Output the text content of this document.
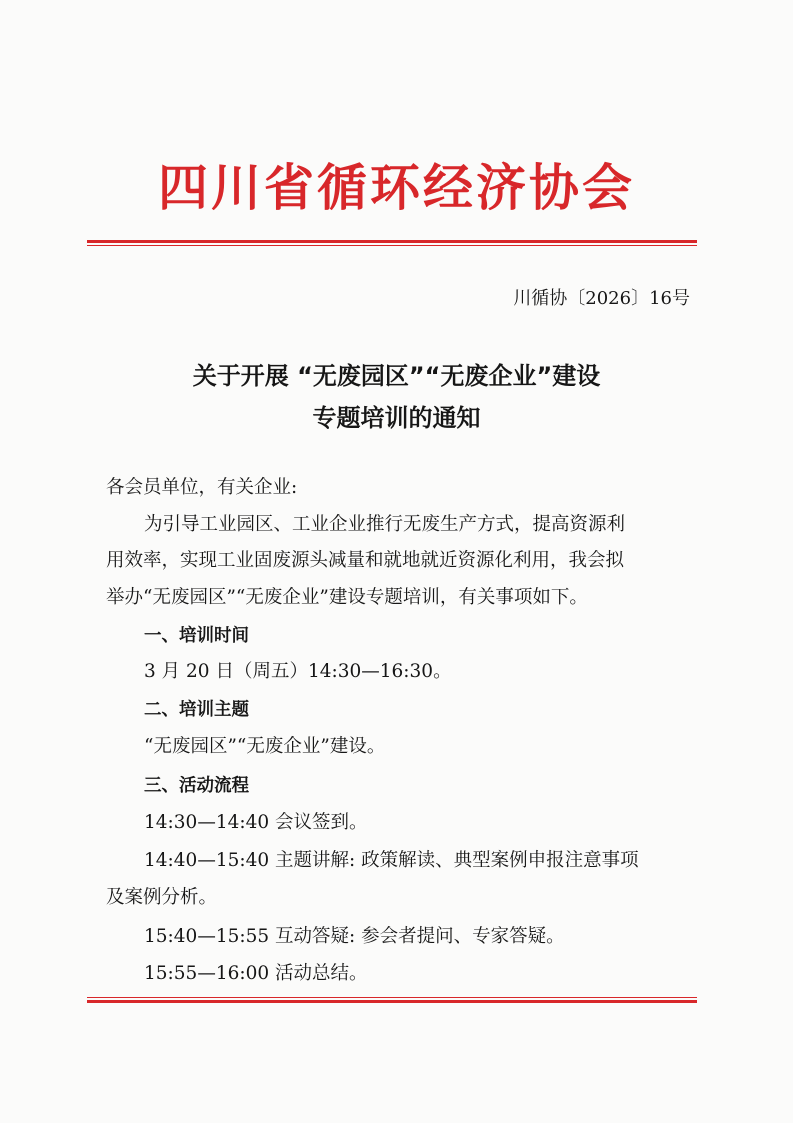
四川省循环经济协会
川循协〔2026〕16号
关于开展 “无废园区”“无废企业”建设
专题培训的通知
各会员单位，有关企业:
为引导工业园区、工业企业推行无废生产方式，提高资源利
用效率，实现工业固废源头减量和就地就近资源化利用，我会拟
举办“无废园区”“无废企业”建设专题培训，有关事项如下。
一、培训时间
3 月 20 日（周五）14:30—16:30。
二、培训主题
“无废园区”“无废企业”建设。
三、活动流程
14:30—14:40 会议签到。
14:40—15:40 主题讲解: 政策解读、典型案例申报注意事项
及案例分析。
15:40—15:55 互动答疑: 参会者提问、专家答疑。
15:55—16:00 活动总结。
